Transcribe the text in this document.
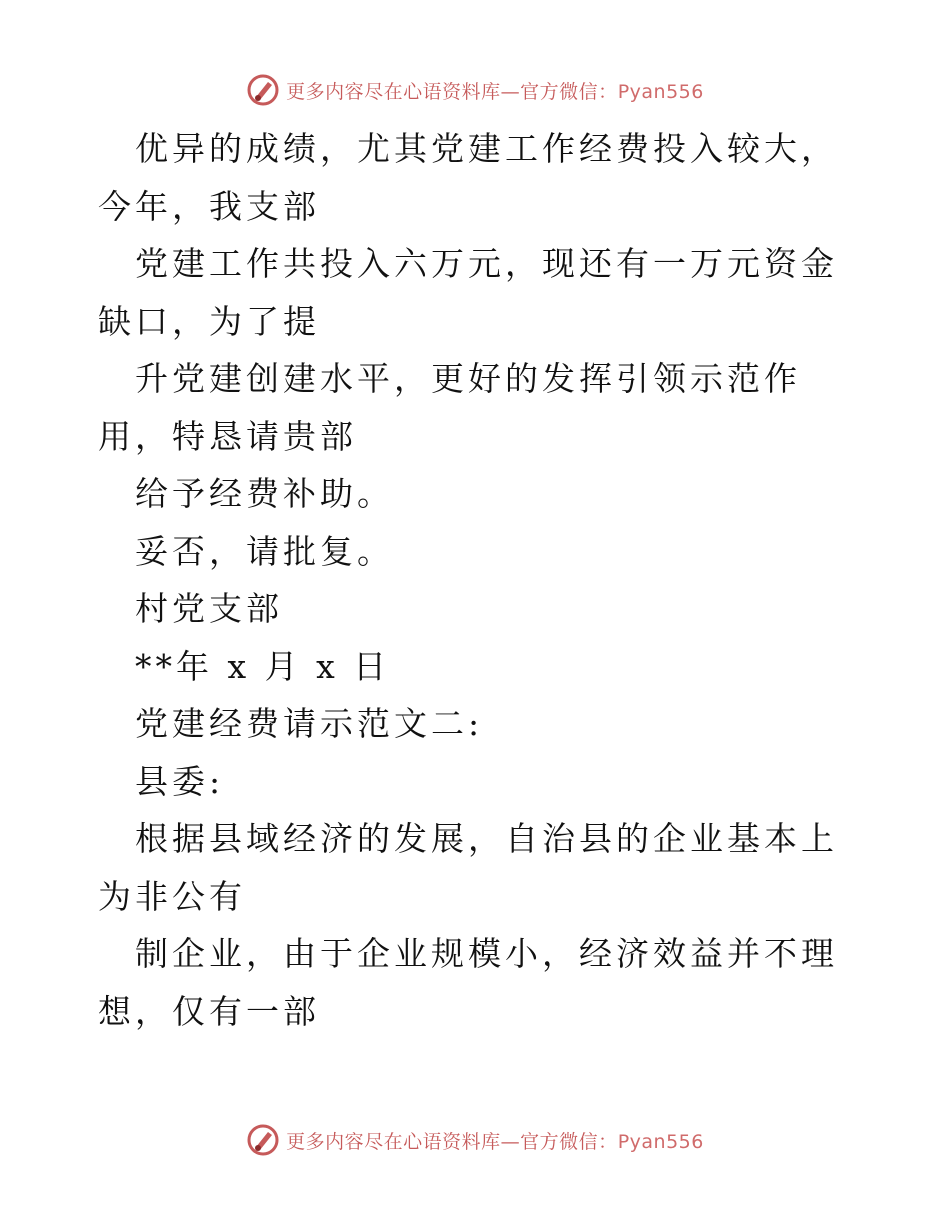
更多内容尽在心语资料库—官方微信：Pyan556

优异的成绩，尤其党建工作经费投入较大，今年，我支部

党建工作共投入六万元，现还有一万元资金缺口，为了提

升党建创建水平，更好的发挥引领示范作用，特恳请贵部

给予经费补助。

妥否，请批复。

村党支部

**年 x 月 x 日

党建经费请示范文二:

县委:

根据县域经济的发展，自治县的企业基本上为非公有

制企业，由于企业规模小，经济效益并不理想，仅有一部

更多内容尽在心语资料库—官方微信：Pyan556
